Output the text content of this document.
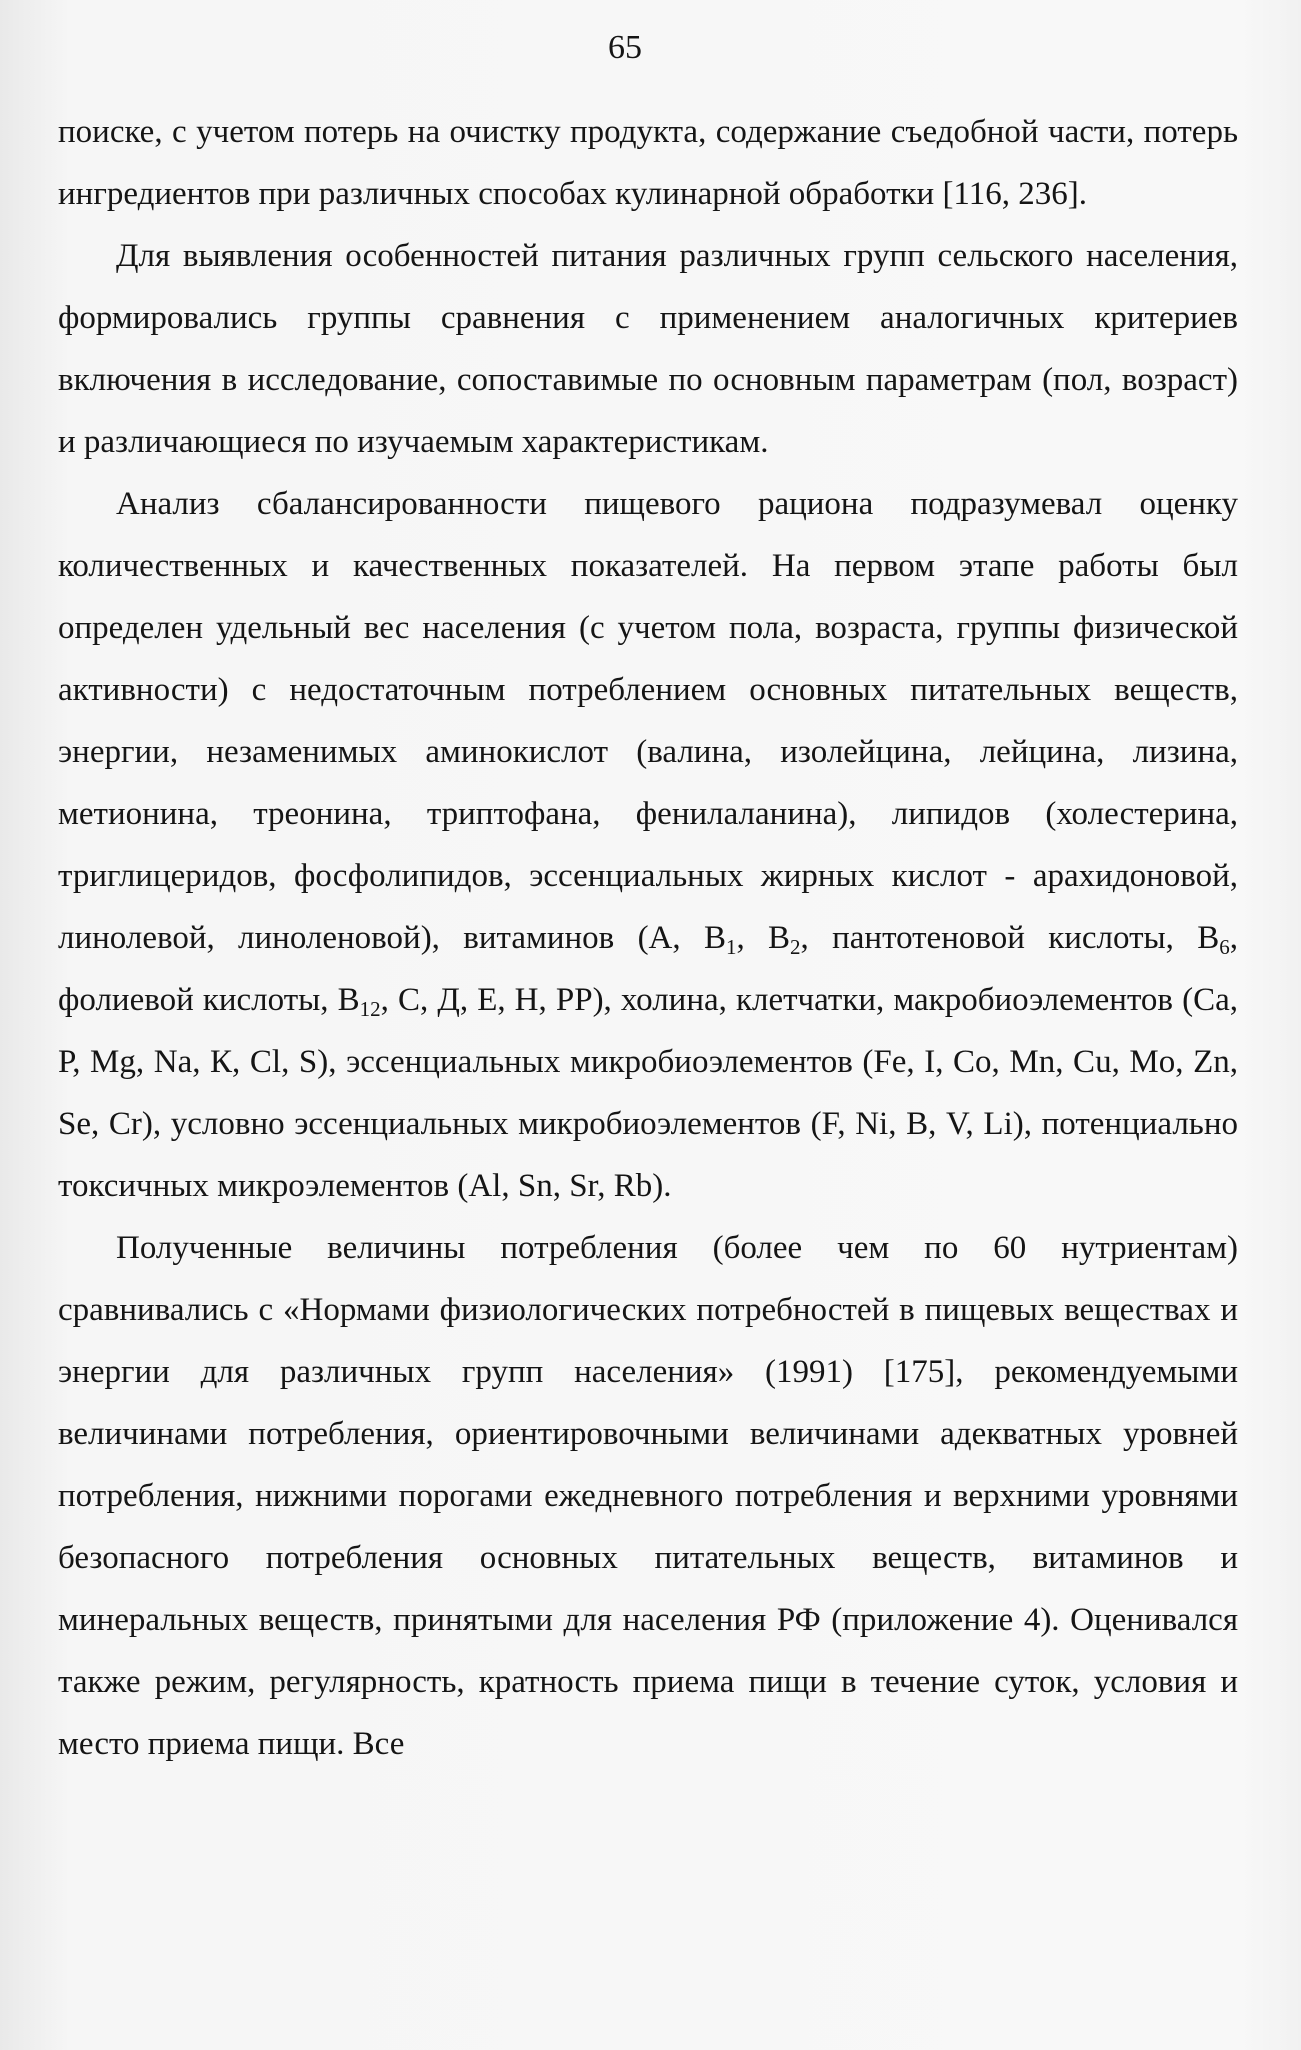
65

поиске, с учетом потерь на очистку продукта, содержание съедобной части, потерь ингредиентов при различных способах кулинарной обработки [116, 236].

Для выявления особенностей питания различных групп сельского населения, формировались группы сравнения с применением аналогичных критериев включения в исследование, сопоставимые по основным параметрам (пол, возраст) и различающиеся по изучаемым характеристикам.

Анализ сбалансированности пищевого рациона подразумевал оценку количественных и качественных показателей. На первом этапе работы был определен удельный вес населения (с учетом пола, возраста, группы физической активности) с недостаточным потреблением основных питательных веществ, энергии, незаменимых аминокислот (валина, изолейцина, лейцина, лизина, метионина, треонина, триптофана, фенилаланина), липидов (холестерина, триглицеридов, фосфолипидов, эссенциальных жирных кислот - арахидоновой, линолевой, линоленовой), витаминов (А, $В_1$, $В_2$, пантотеновой кислоты, $В_6$, фолиевой кислоты, $В_{12}$, С, Д, Е, Н, РР), холина, клетчатки, макробиоэлементов (Са, Р, Mg, Na, К, Cl, S), эссенциальных микробиоэлементов (Fe, I, Со, Mn, Cu, Mo, Zn, Se, Cr), условно эссенциальных микробиоэлементов (F, Ni, В, V, Li), потенциально токсичных микроэлементов (Al, Sn, Sr, Rb).

Полученные величины потребления (более чем по 60 нутриентам) сравнивались с «Нормами физиологических потребностей в пищевых веществах и энергии для различных групп населения» (1991) [175], рекомендуемыми величинами потребления, ориентировочными величинами адекватных уровней потребления, нижними порогами ежедневного потребления и верхними уровнями безопасного потребления основных питательных веществ, витаминов и минеральных веществ, принятыми для населения РФ (приложение 4). Оценивался также режим, регулярность, кратность приема пищи в течение суток, условия и место приема пищи. Все
